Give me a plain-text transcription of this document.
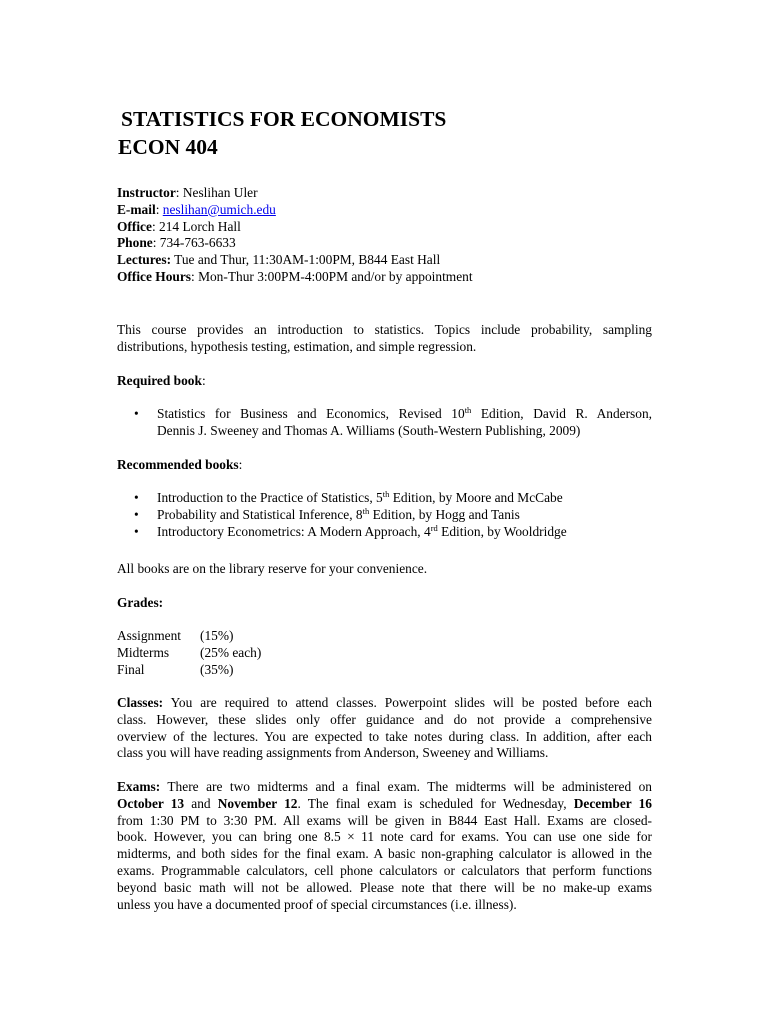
STATISTICS FOR ECONOMISTS
ECON 404
Instructor: Neslihan Uler
E-mail: neslihan@umich.edu
Office: 214 Lorch Hall
Phone: 734-763-6633
Lectures: Tue and Thur, 11:30AM-1:00PM, B844 East Hall
Office Hours: Mon-Thur 3:00PM-4:00PM and/or by appointment
This course provides an introduction to statistics. Topics include probability, sampling
distributions, hypothesis testing, estimation, and simple regression.
Required book:
• Statistics for Business and Economics, Revised 10th Edition, David R. Anderson,
Dennis J. Sweeney and Thomas A. Williams (South-Western Publishing, 2009)
Recommended books:
• Introduction to the Practice of Statistics, 5th Edition, by Moore and McCabe
• Probability and Statistical Inference, 8th Edition, by Hogg and Tanis
• Introductory Econometrics: A Modern Approach, 4rd Edition, by Wooldridge
All books are on the library reserve for your convenience.
Grades:
Assignment	(15%)
Midterms	(25% each)
Final	(35%)
Classes: You are required to attend classes. Powerpoint slides will be posted before each
class. However, these slides only offer guidance and do not provide a comprehensive
overview of the lectures. You are expected to take notes during class. In addition, after each
class you will have reading assignments from Anderson, Sweeney and Williams.
Exams: There are two midterms and a final exam. The midterms will be administered on
October 13 and November 12. The final exam is scheduled for Wednesday, December 16
from 1:30 PM to 3:30 PM. All exams will be given in B844 East Hall. Exams are closed-
book. However, you can bring one 8.5 × 11 note card for exams. You can use one side for
midterms, and both sides for the final exam. A basic non-graphing calculator is allowed in the
exams. Programmable calculators, cell phone calculators or calculators that perform functions
beyond basic math will not be allowed. Please note that there will be no make-up exams
unless you have a documented proof of special circumstances (i.e. illness).
